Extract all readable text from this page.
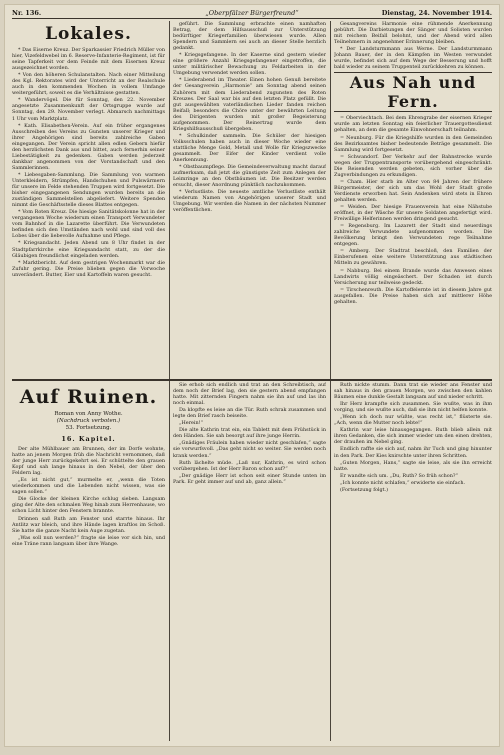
Nr. 136.	„Oberpfälzer Bürgerfreund“	Dienstag, 24. November 1914.
Lokales.

* Das Eiserne Kreuz. Der Sparkassier Friedrich Müller von hier, Vizefeldwebel im 6. Reserve-Infanterie-Regiment, ist für seine Tapferkeit vor dem Feinde mit dem Eisernen Kreuz ausgezeichnet worden.

* Von den höheren Schulanstalten. Nach einer Mitteilung des Kgl. Rektorates wird der Unterricht an der Realschule auch in den kommenden Wochen in vollem Umfange weitergeführt, soweit es die Verhältnisse gestatten.

* Wandervögel. Die für Sonntag, den 22. November angesetzte Zusammenkunft der Ortsgruppe wurde auf Sonntag, den 29. November verlegt. Abmarsch nachmittags 1 Uhr vom Marktplatz.

* Kath. Elisabethen-Verein. Auf ein früher ergangenes Ausschreiben des Vereins zu Gunsten unserer Krieger und ihrer Angehörigen sind bereits zahlreiche Gaben eingegangen. Der Verein spricht allen edlen Gebern hiefür den herzlichsten Dank aus und bittet, auch fernerhin seiner Liebestätigkeit zu gedenken. Gaben werden jederzeit dankbar angenommen von der Vorstandschaft und den Sammlerinnen.

* Liebesgaben-Sammlung. Die Sammlung von warmen Unterkleidern, Strümpfen, Handschuhen und Pulswärmern für unsere im Felde stehenden Truppen wird fortgesetzt. Die bisher eingegangenen Sendungen wurden bereits an die zuständigen Sammelstellen abgeliefert. Weitere Spenden nimmt die Geschäftsstelle dieses Blattes entgegen.

* Vom Roten Kreuz. Die hiesige Sanitätskolonne hat in der vergangenen Woche wiederum einen Transport Verwundeter vom Bahnhof in die Lazarette überführt. Die Verwundeten befinden sich den Umständen nach wohl und sind voll des Lobes über die liebevolle Aufnahme und Pflege.

* Kriegsandacht. Jeden Abend um 8 Uhr findet in der Stadtpfarrkirche eine Kriegsandacht statt, zu der die Gläubigen freundlichst eingeladen werden.

* Marktbericht. Auf dem gestrigen Wochenmarkt war die Zufuhr gering. Die Preise blieben gegen die Vorwoche unverändert. Butter, Eier und Kartoffeln waren gesucht.

Auf Ruinen.
Roman von Anny Wothe.
(Nachdruck verboten.)
53. Fortsetzung.
16. Kapitel.

Der alte Mühlbauer am Brunnen, der im Dorfe wohnte, hatte an jenem Morgen früh die Nachricht vernommen, daß der junge Herr zurückgekehrt sei. Er schüttelte den grauen Kopf und sah lange hinaus in den Nebel, der über den Feldern lag.

„Es ist nicht gut,“ murmelte er, „wenn die Toten wiederkommen und die Lebenden nicht wissen, was sie sagen sollen.“

Die Glocke der kleinen Kirche schlug sieben. Langsam ging der Alte den schmalen Weg hinab zum Herrenhause, wo schon Licht hinter den Fenstern brannte.

Drinnen saß Ruth am Fenster und starrte hinaus. Ihr Antlitz war bleich, und ihre Hände lagen kraftlos im Schoß. Sie hatte die ganze Nacht kein Auge zugetan.

„Was soll nun werden?“ fragte sie leise vor sich hin, und eine Träne rann langsam über ihre Wange.

geführt. Die Sammlung erbrachte einen namhaften Betrag, der dem Hilfsausschuß zur Unterstützung bedürftiger Kriegerfamilien überwiesen wurde. Allen Spendern und Sammlern sei auch an dieser Stelle herzlich gedankt.

* Kriegsgefangene. In der Kaserne sind gestern wieder eine größere Anzahl Kriegsgefangener eingetroffen, die unter militärischer Bewachung zu Feldarbeiten in der Umgebung verwendet werden sollen.

* Liederabend im Theater. Einen hohen Genuß bereitete der Gesangverein „Harmonie“ am Sonntag abend seinen Zuhörern mit dem Liederabend zugunsten des Roten Kreuzes. Der Saal war bis auf den letzten Platz gefüllt. Die gut ausgewählten vaterländischen Lieder fanden reichen Beifall; besonders die Chöre unter der bewährten Leitung des Dirigenten wurden mit großer Begeisterung aufgenommen. Der Reinertrag wurde dem Kriegshilfsausschuß übergeben.

* Schulkinder sammeln. Die Schüler der hiesigen Volksschulen haben auch in dieser Woche wieder eine stattliche Menge Gold, Metall und Wolle für Kriegszwecke gesammelt. Der Eifer der Kinder verdient volle Anerkennung.

* Obstbaumpflege. Die Gemeindeverwaltung macht darauf aufmerksam, daß jetzt die günstigste Zeit zum Anlegen der Leimringe an den Obstbäumen ist. Die Besitzer werden ersucht, dieser Anordnung pünktlich nachzukommen.

* Verlustliste. Die neueste amtliche Verlustliste enthält wiederum Namen von Angehörigen unserer Stadt und Umgebung. Wir werden die Namen in der nächsten Nummer veröffentlichen.

Sie erhob sich endlich und trat an den Schreibtisch, auf dem noch der Brief lag, den sie gestern abend empfangen hatte. Mit zitternden Fingern nahm sie ihn auf und las ihn noch einmal.

Da klopfte es leise an die Tür. Ruth schrak zusammen und legte den Brief rasch beiseite.

„Herein!“

Die alte Kathrin trat ein, ein Tablett mit dem Frühstück in den Händen. Sie sah besorgt auf ihre junge Herrin.

„Gnädiges Fräulein haben wieder nicht geschlafen,“ sagte sie vorwurfsvoll. „Das geht nicht so weiter. Sie werden noch krank werden.“

Ruth lächelte müde. „Laß nur, Kathrin, es wird schon vorübergehen. Ist der Herr Baron schon auf?“

„Der gnädige Herr ist schon seit einer Stunde unten im Park. Er geht immer auf und ab, ganz allein.“

Gesangvereins Harmonie eine rühmende Anerkennung gebührt. Die Darbietungen der Sänger und Solisten wurden mit reichem Beifall belohnt, und der Abend wird allen Teilnehmern in angenehmer Erinnerung bleiben.

* Der Landsturmmann aus Werne. Der Landsturmmann Johann Bauer, der in den Kämpfen im Westen verwundet wurde, befindet sich auf dem Wege der Besserung und hofft bald wieder zu seinem Truppenteil zurückkehren zu können.

Aus Nah und Fern.

= Oberviechtach. Bei dem Ehrengrabe der eisernen Krieger wurde am letzten Sonntag ein feierlicher Trauergottesdienst gehalten, an dem die gesamte Einwohnerschaft teilnahm.

= Neunburg. Für die Kriegshilfe wurden in den Gemeinden des Bezirksamtes bisher bedeutende Beträge gesammelt. Die Sammlung wird fortgesetzt.

= Schwandorf. Der Verkehr auf der Bahnstrecke wurde wegen der Truppentransporte vorübergehend eingeschränkt. Die Reisenden werden gebeten, sich vorher über die Zugverbindungen zu erkundigen.

= Cham. Hier starb im Alter von 84 Jahren der frühere Bürgermeister, der sich um das Wohl der Stadt große Verdienste erworben hat. Sein Andenken wird stets in Ehren gehalten werden.

= Weiden. Der hiesige Frauenverein hat eine Nähstube eröffnet, in der Wäsche für unsere Soldaten angefertigt wird. Freiwillige Helferinnen werden dringend gesucht.

= Regensburg. Im Lazarett der Stadt sind neuerdings zahlreiche Verwundete aufgenommen worden. Die Bevölkerung bringt den Verwundeten rege Teilnahme entgegen.

= Amberg. Der Stadtrat beschloß, den Familien der Einberufenen eine weitere Unterstützung aus städtischen Mitteln zu gewähren.

= Nabburg. Bei einem Brande wurde das Anwesen eines Landwirts völlig eingeäschert. Der Schaden ist durch Versicherung nur teilweise gedeckt.

= Tirschenreuth. Die Kartoffelernte ist in diesem Jahre gut ausgefallen. Die Preise haben sich auf mittlerer Höhe gehalten.

Ruth nickte stumm. Dann trat sie wieder ans Fenster und sah hinaus in den grauen Morgen, wo zwischen den kahlen Bäumen eine dunkle Gestalt langsam auf und nieder schritt.

Ihr Herz krampfte sich zusammen. Sie wußte, was in ihm vorging, und sie wußte auch, daß sie ihm nicht helfen konnte.

„Wenn ich doch nur wüßte, was recht ist,“ flüsterte sie. „Ach, wenn die Mutter noch lebte!“

Kathrin war leise hinausgegangen. Ruth blieb allein mit ihren Gedanken, die sich immer wieder um den einen drehten, der draußen im Nebel ging.

Endlich raffte sie sich auf, nahm ihr Tuch und ging hinunter in den Park. Der Kies knirschte unter ihren Schritten.

„Guten Morgen, Hans,“ sagte sie leise, als sie ihn erreicht hatte.

Er wandte sich um. „Du, Ruth? So früh schon?“

„Ich konnte nicht schlafen,“ erwiderte sie einfach.

(Fortsetzung folgt.)
